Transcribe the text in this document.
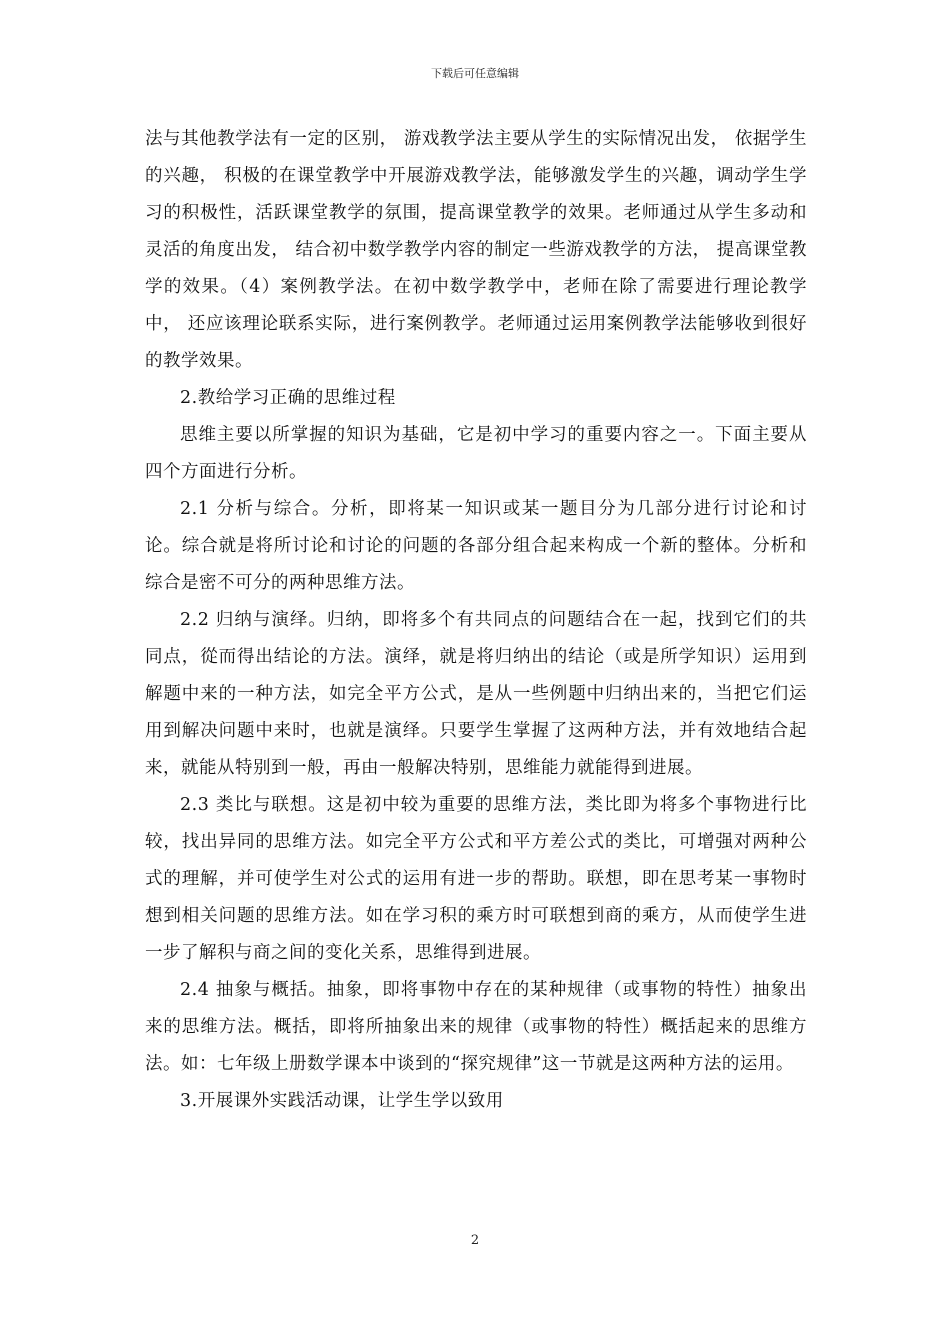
下载后可任意编辑

法与其他教学法有一定的区别， 游戏教学法主要从学生的实际情况出发， 依据学生的兴趣， 积极的在课堂教学中开展游戏教学法，能够激发学生的兴趣，调动学生学习的积极性，活跃课堂教学的氛围，提高课堂教学的效果。老师通过从学生多动和灵活的角度出发， 结合初中数学教学内容的制定一些游戏教学的方法， 提高课堂教学的效果。（4）案例教学法。在初中数学教学中，老师在除了需要进行理论教学中， 还应该理论联系实际，进行案例教学。老师通过运用案例教学法能够收到很好的教学效果。

2.教给学习正确的思维过程

思维主要以所掌握的知识为基础，它是初中学习的重要内容之一。下面主要从四个方面进行分析。

2.1 分析与综合。分析，即将某一知识或某一题目分为几部分进行讨论和讨论。综合就是将所讨论和讨论的问题的各部分组合起来构成一个新的整体。分析和综合是密不可分的两种思维方法。

2.2 归纳与演绎。归纳，即将多个有共同点的问题结合在一起，找到它们的共同点，從而得出结论的方法。演绎，就是将归纳出的结论（或是所学知识）运用到解题中来的一种方法，如完全平方公式，是从一些例题中归纳出来的，当把它们运用到解决问题中来时，也就是演绎。只要学生掌握了这两种方法，并有效地结合起来，就能从特别到一般，再由一般解决特别，思维能力就能得到进展。

2.3 类比与联想。这是初中较为重要的思维方法，类比即为将多个事物进行比较，找出异同的思维方法。如完全平方公式和平方差公式的类比，可增强对两种公式的理解，并可使学生对公式的运用有进一步的帮助。联想，即在思考某一事物时想到相关问题的思维方法。如在学习积的乘方时可联想到商的乘方，从而使学生进一步了解积与商之间的变化关系，思维得到进展。

2.4 抽象与概括。抽象，即将事物中存在的某种规律（或事物的特性）抽象出来的思维方法。概括，即将所抽象出来的规律（或事物的特性）概括起来的思维方法。如：七年级上册数学课本中谈到的“探究规律”这一节就是这两种方法的运用。

3.开展课外实践活动课，让学生学以致用

2
